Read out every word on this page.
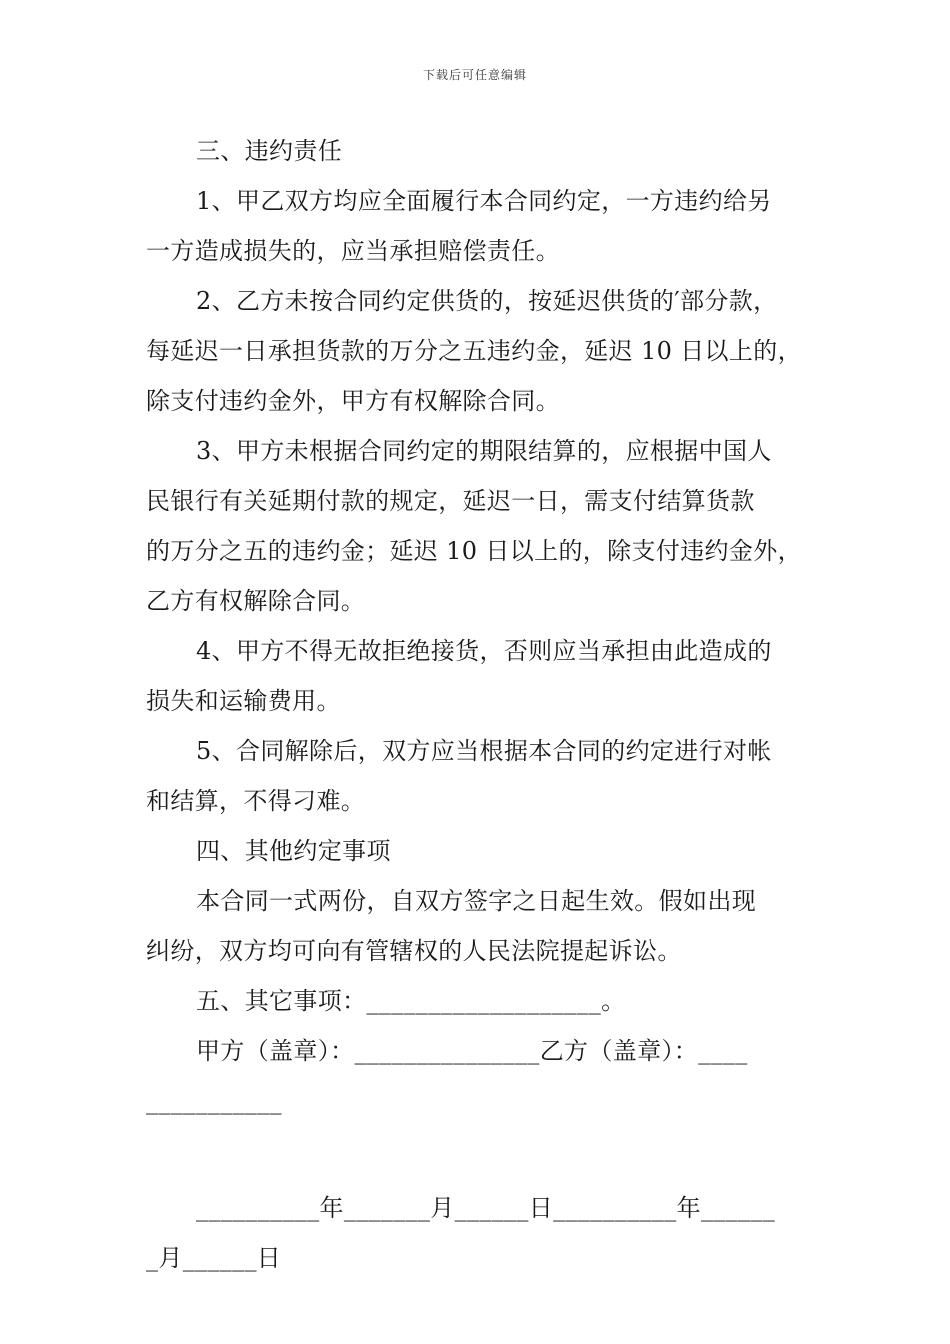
下载后可任意编辑
三、违约责任
1、甲乙双方均应全面履行本合同约定，一方违约给另
一方造成损失的，应当承担赔偿责任。
2、乙方未按合同约定供货的，按延迟供货的′部分款，
每延迟一日承担货款的万分之五违约金，延迟 10 日以上的，
除支付违约金外，甲方有权解除合同。
3、甲方未根据合同约定的期限结算的，应根据中国人
民银行有关延期付款的规定，延迟一日，需支付结算货款
的万分之五的违约金；延迟 10 日以上的，除支付违约金外，
乙方有权解除合同。
4、甲方不得无故拒绝接货，否则应当承担由此造成的
损失和运输费用。
5、合同解除后，双方应当根据本合同的约定进行对帐
和结算，不得刁难。
四、其他约定事项
本合同一式两份，自双方签字之日起生效。假如出现
纠纷，双方均可向有管辖权的人民法院提起诉讼。
五、其它事项：___________________。
甲方（盖章）：_______________乙方（盖章）：____
___________
__________年_______月______日__________年______
_月______日
